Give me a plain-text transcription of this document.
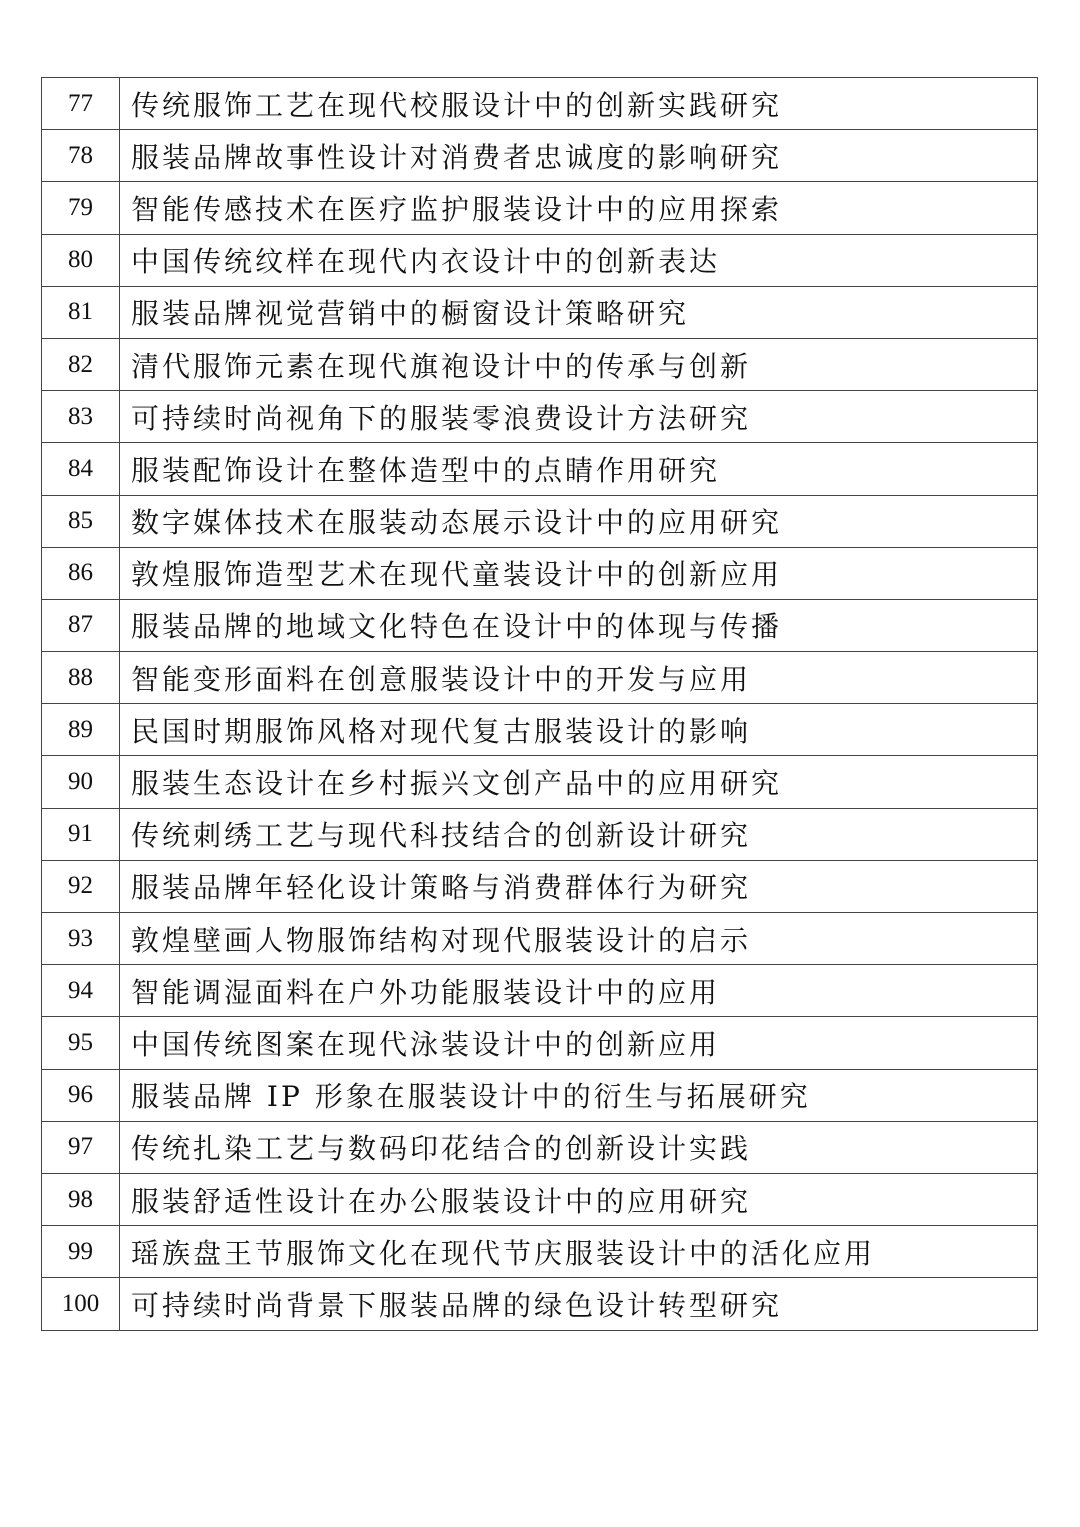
77	传统服饰工艺在现代校服设计中的创新实践研究
78	服装品牌故事性设计对消费者忠诚度的影响研究
79	智能传感技术在医疗监护服装设计中的应用探索
80	中国传统纹样在现代内衣设计中的创新表达
81	服装品牌视觉营销中的橱窗设计策略研究
82	清代服饰元素在现代旗袍设计中的传承与创新
83	可持续时尚视角下的服装零浪费设计方法研究
84	服装配饰设计在整体造型中的点睛作用研究
85	数字媒体技术在服装动态展示设计中的应用研究
86	敦煌服饰造型艺术在现代童装设计中的创新应用
87	服装品牌的地域文化特色在设计中的体现与传播
88	智能变形面料在创意服装设计中的开发与应用
89	民国时期服饰风格对现代复古服装设计的影响
90	服装生态设计在乡村振兴文创产品中的应用研究
91	传统刺绣工艺与现代科技结合的创新设计研究
92	服装品牌年轻化设计策略与消费群体行为研究
93	敦煌壁画人物服饰结构对现代服装设计的启示
94	智能调湿面料在户外功能服装设计中的应用
95	中国传统图案在现代泳装设计中的创新应用
96	服装品牌 IP 形象在服装设计中的衍生与拓展研究
97	传统扎染工艺与数码印花结合的创新设计实践
98	服装舒适性设计在办公服装设计中的应用研究
99	瑶族盘王节服饰文化在现代节庆服装设计中的活化应用
100	可持续时尚背景下服装品牌的绿色设计转型研究
